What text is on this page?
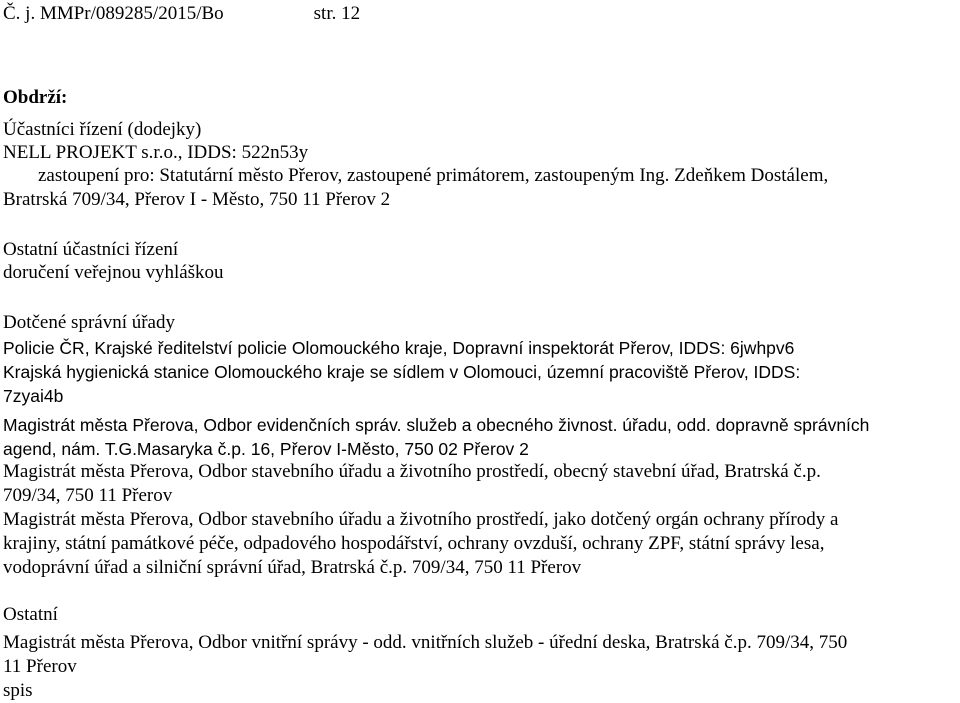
Č. j. MMPr/089285/2015/Bo	str. 12
Obdrží:
Účastníci řízení (dodejky)
NELL PROJEKT s.r.o., IDDS: 522n53y
zastoupení pro: Statutární město Přerov, zastoupené primátorem, zastoupeným Ing. Zdeňkem Dostálem,
Bratrská 709/34, Přerov I - Město, 750 11 Přerov 2
Ostatní účastníci řízení
doručení veřejnou vyhláškou
Dotčené správní úřady
Policie ČR, Krajské ředitelství policie Olomouckého kraje, Dopravní inspektorát Přerov, IDDS: 6jwhpv6
Krajská hygienická stanice Olomouckého kraje se sídlem v Olomouci, územní pracoviště Přerov, IDDS:
7zyai4b
Magistrát města Přerova, Odbor evidenčních správ. služeb a obecného živnost. úřadu, odd. dopravně správních
agend, nám. T.G.Masaryka č.p. 16, Přerov I-Město, 750 02 Přerov 2
Magistrát města Přerova, Odbor stavebního úřadu a životního prostředí, obecný stavební úřad, Bratrská č.p.
709/34, 750 11 Přerov
Magistrát města Přerova, Odbor stavebního úřadu a životního prostředí, jako dotčený orgán ochrany přírody a
krajiny, státní památkové péče, odpadového hospodářství, ochrany ovzduší, ochrany ZPF, státní správy lesa,
vodoprávní úřad a silniční správní úřad, Bratrská č.p. 709/34, 750 11 Přerov
Ostatní
Magistrát města Přerova, Odbor vnitřní správy - odd. vnitřních služeb - úřední deska, Bratrská č.p. 709/34, 750
11 Přerov
spis
